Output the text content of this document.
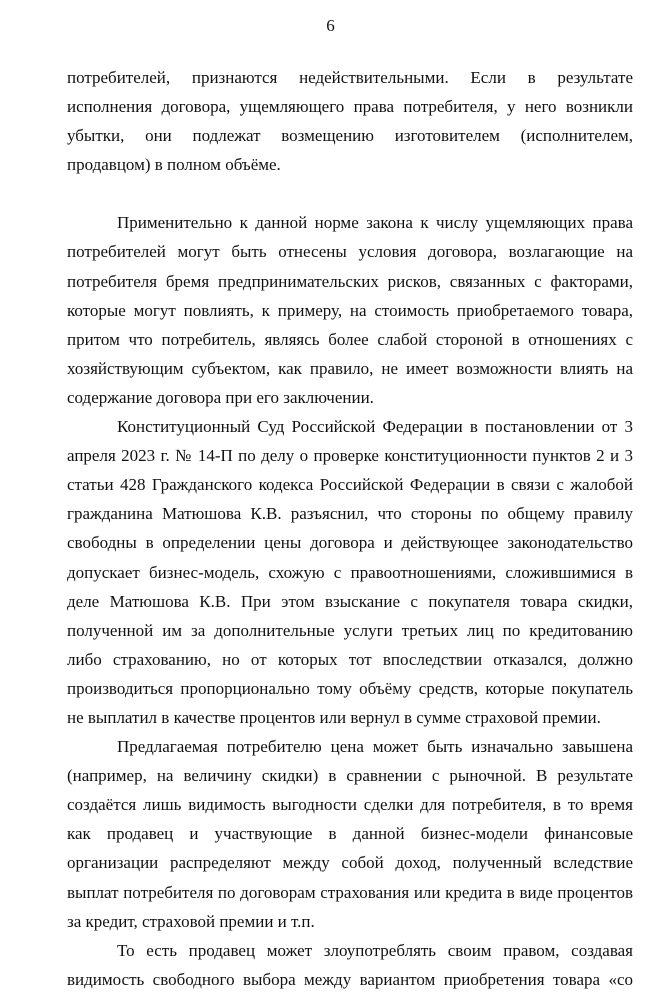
6

потребителей, признаются недействительными. Если в результате исполнения договора, ущемляющего права потребителя, у него возникли убытки, они подлежат возмещению изготовителем (исполнителем, продавцом) в полном объёме.

Применительно к данной норме закона к числу ущемляющих права потребителей могут быть отнесены условия договора, возлагающие на потребителя бремя предпринимательских рисков, связанных с факторами, которые могут повлиять, к примеру, на стоимость приобретаемого товара, притом что потребитель, являясь более слабой стороной в отношениях с хозяйствующим субъектом, как правило, не имеет возможности влиять на содержание договора при его заключении.

Конституционный Суд Российской Федерации в постановлении от 3 апреля 2023 г. № 14-П по делу о проверке конституционности пунктов 2 и 3 статьи 428 Гражданского кодекса Российской Федерации в связи с жалобой гражданина Матюшова К.В. разъяснил, что стороны по общему правилу свободны в определении цены договора и действующее законодательство допускает бизнес-модель, схожую с правоотношениями, сложившимися в деле Матюшова К.В. При этом взыскание с покупателя товара скидки, полученной им за дополнительные услуги третьих лиц по кредитованию либо страхованию, но от которых тот впоследствии отказался, должно производиться пропорционально тому объёму средств, которые покупатель не выплатил в качестве процентов или вернул в сумме страховой премии.

Предлагаемая потребителю цена может быть изначально завышена (например, на величину скидки) в сравнении с рыночной. В результате создаётся лишь видимость выгодности сделки для потребителя, в то время как продавец и участвующие в данной бизнес-модели финансовые организации распределяют между собой доход, полученный вследствие выплат потребителя по договорам страхования или кредита в виде процентов за кредит, страховой премии и т.п.

То есть продавец может злоупотреблять своим правом, создавая видимость свободного выбора между вариантом приобретения товара «со
